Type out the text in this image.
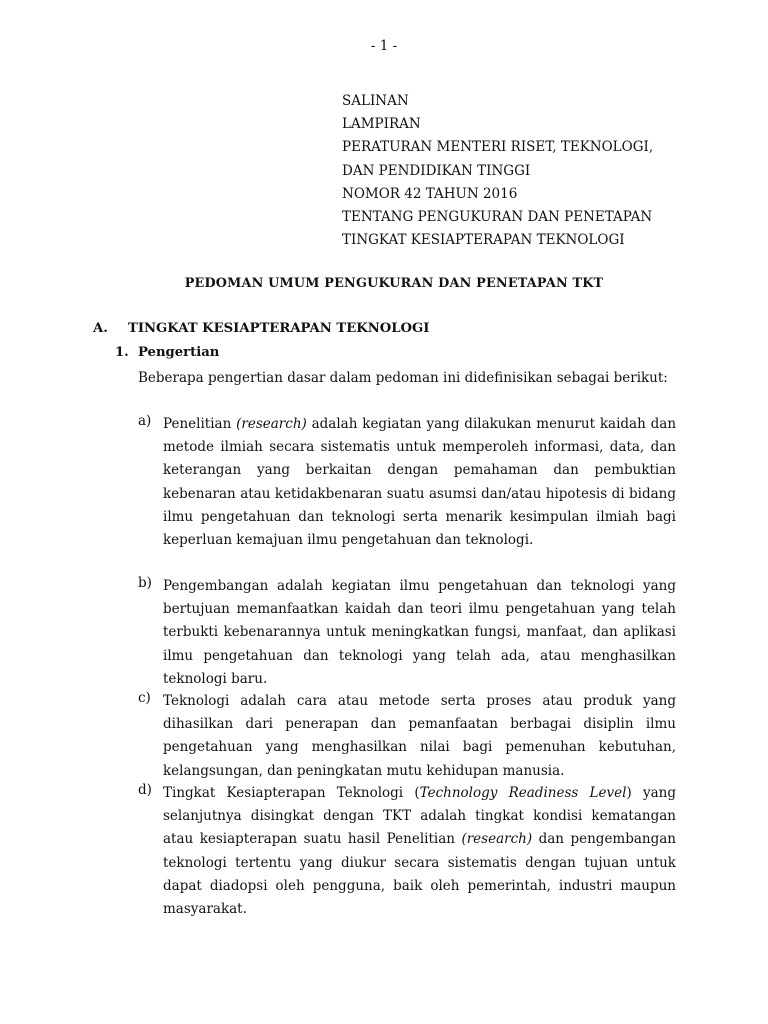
- 1 -
SALINAN
LAMPIRAN
PERATURAN MENTERI RISET, TEKNOLOGI,
DAN PENDIDIKAN TINGGI
NOMOR 42 TAHUN 2016
TENTANG PENGUKURAN DAN PENETAPAN
TINGKAT KESIAPTERAPAN TEKNOLOGI
PEDOMAN UMUM PENGUKURAN DAN PENETAPAN TKT
A. TINGKAT KESIAPTERAPAN TEKNOLOGI
1. Pengertian
Beberapa pengertian dasar dalam pedoman ini didefinisikan sebagai berikut:
a) Penelitian (research) adalah kegiatan yang dilakukan menurut kaidah dan metode ilmiah secara sistematis untuk memperoleh informasi, data, dan keterangan yang berkaitan dengan pemahaman dan pembuktian kebenaran atau ketidakbenaran suatu asumsi dan/atau hipotesis di bidang ilmu pengetahuan dan teknologi serta menarik kesimpulan ilmiah bagi keperluan kemajuan ilmu pengetahuan dan teknologi.
b) Pengembangan adalah kegiatan ilmu pengetahuan dan teknologi yang bertujuan memanfaatkan kaidah dan teori ilmu pengetahuan yang telah terbukti kebenarannya untuk meningkatkan fungsi, manfaat, dan aplikasi ilmu pengetahuan dan teknologi yang telah ada, atau menghasilkan teknologi baru.
c) Teknologi adalah cara atau metode serta proses atau produk yang dihasilkan dari penerapan dan pemanfaatan berbagai disiplin ilmu pengetahuan yang menghasilkan nilai bagi pemenuhan kebutuhan, kelangsungan, dan peningkatan mutu kehidupan manusia.
d) Tingkat Kesiapterapan Teknologi (Technology Readiness Level) yang selanjutnya disingkat dengan TKT adalah tingkat kondisi kematangan atau kesiapterapan suatu hasil Penelitian (research) dan pengembangan teknologi tertentu yang diukur secara sistematis dengan tujuan untuk dapat diadopsi oleh pengguna, baik oleh pemerintah, industri maupun masyarakat.
